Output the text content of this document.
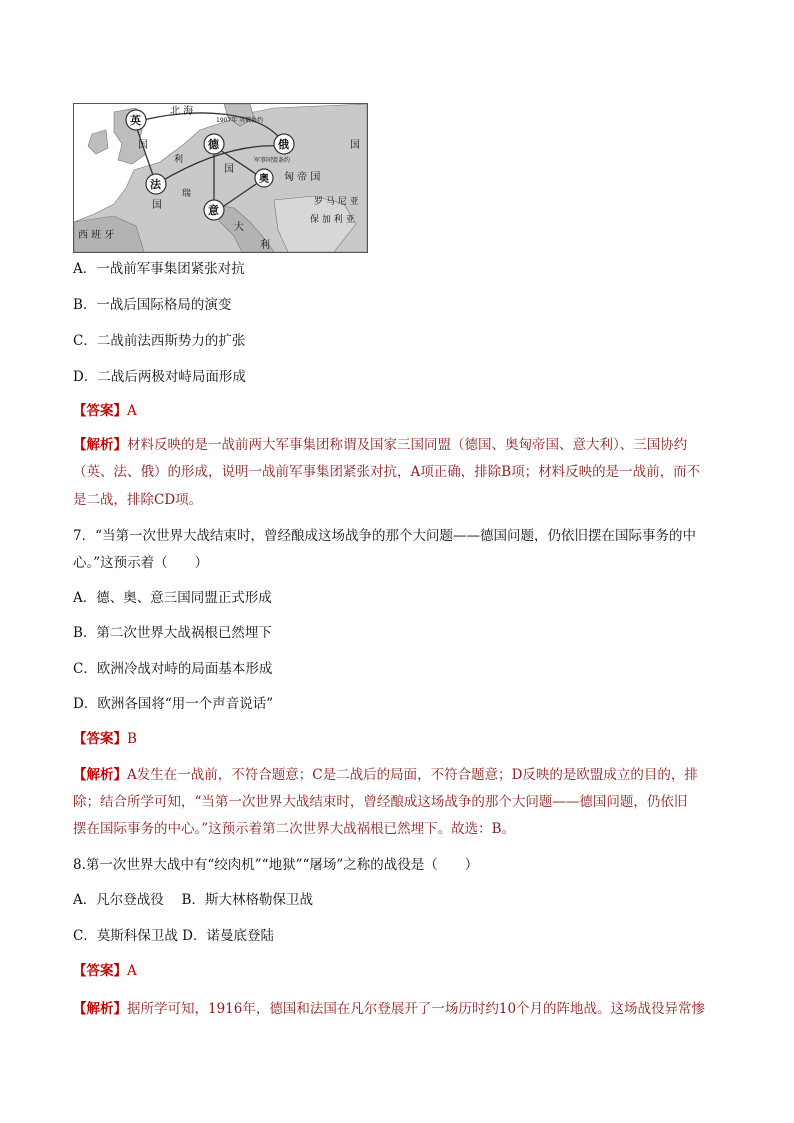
北 海
英
国	德
国
俄	国
法
国
奥 匈 帝 国
意
大
利
西 班 牙
罗 马 尼 亚
保 加 利 亚
利
瑞
1907年 英俄协约
军事同盟条约
A．一战前军事集团紧张对抗
B．一战后国际格局的演变
C．二战前法西斯势力的扩张
D．二战后两极对峙局面形成
【答案】A
【解析】材料反映的是一战前两大军事集团称谓及国家三国同盟（德国、奥匈帝国、意大利）、三国协约
（英、法、俄）的形成，说明一战前军事集团紧张对抗，A项正确，排除B项；材料反映的是一战前，而不
是二战，排除CD项。
7．“当第一次世界大战结束时，曾经酿成这场战争的那个大问题——德国问题，仍依旧摆在国际事务的中
心。”这预示着（　　）
A．德、奥、意三国同盟正式形成
B．第二次世界大战祸根已然埋下
C．欧洲冷战对峙的局面基本形成
D．欧洲各国将“用一个声音说话”
【答案】B
【解析】A发生在一战前，不符合题意；C是二战后的局面，不符合题意；D反映的是欧盟成立的目的，排
除；结合所学可知，“当第一次世界大战结束时，曾经酿成这场战争的那个大问题——德国问题，仍依旧
摆在国际事务的中心。”这预示着第二次世界大战祸根已然埋下。故选：B。
8.第一次世界大战中有“绞肉机”“地狱”“屠场”之称的战役是（　　）
A．凡尔登战役　 B．斯大林格勒保卫战
C．莫斯科保卫战 D．诺曼底登陆
【答案】A
【解析】据所学可知，1916年，德国和法国在凡尔登展开了一场历时约10个月的阵地战。这场战役异常惨
